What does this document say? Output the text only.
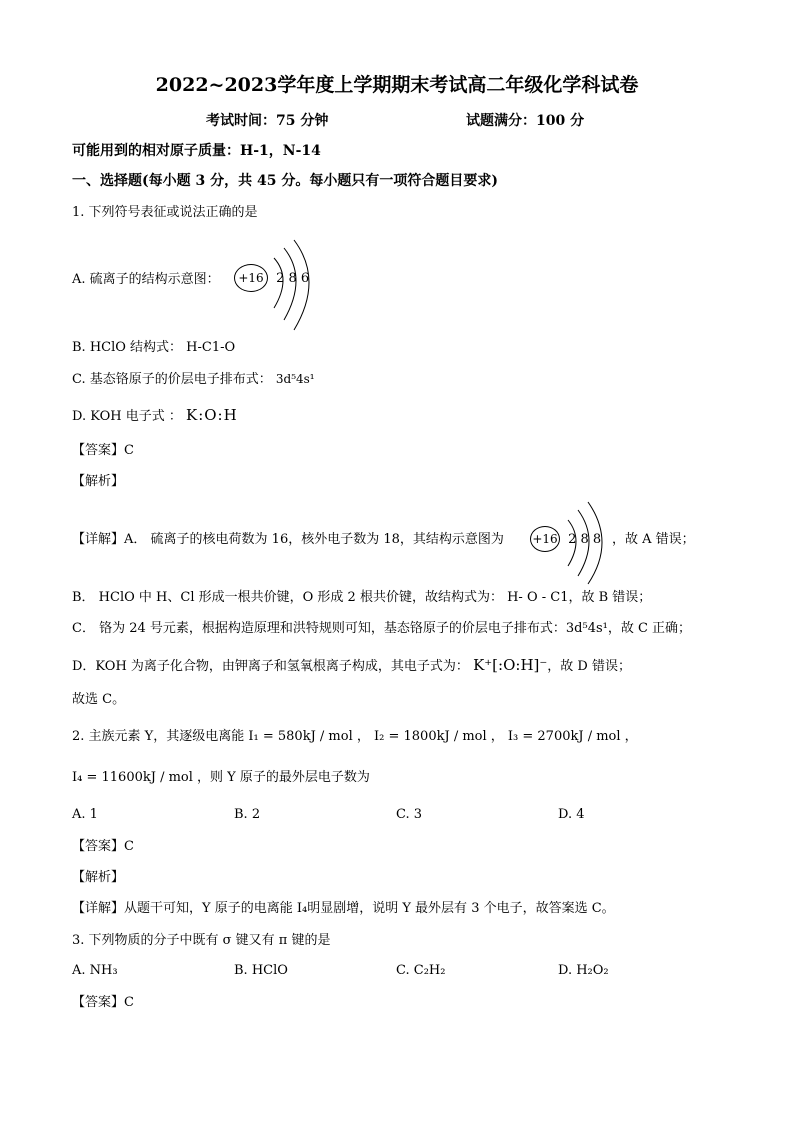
2022~2023学年度上学期期末考试高二年级化学科试卷
考试时间：75 分钟	试题满分：100 分
可能用到的相对原子质量：H-1，N-14
一、选择题(每小题 3 分，共 45 分。每小题只有一项符合题目要求)
1. 下列符号表征或说法正确的是
A. 硫离子的结构示意图：	+16 2 8 6
B. HClO 结构式： H-C1-O
C. 基态铬原子的价层电子排布式： 3d⁵4s¹
D. KOH 电子式 ： K:O:H
【答案】C
【解析】
【详解】A． 硫离子的核电荷数为 16，核外电子数为 18，其结构示意图为 +16 2 8 8 ，故 A 错误；
B． HClO 中 H、Cl 形成一根共价键，O 形成 2 根共价键，故结构式为： H- O - C1，故 B 错误；
C． 铬为 24 号元素，根据构造原理和洪特规则可知，基态铬原子的价层电子排布式：3d⁵4s¹，故 C 正确；
D．KOH 为离子化合物，由钾离子和氢氧根离子构成，其电子式为： K⁺[:O:H]⁻，故 D 错误；
故选 C。
2. 主族元素 Y，其逐级电离能 I₁ = 580kJ / mol ， I₂ = 1800kJ / mol ， I₃ = 2700kJ / mol ，
I₄ = 11600kJ / mol ，则 Y 原子的最外层电子数为
A. 1	B. 2	C. 3	D. 4
【答案】C
【解析】
【详解】从题干可知，Y 原子的电离能 I₄明显剧增，说明 Y 最外层有 3 个电子，故答案选 C。
3. 下列物质的分子中既有 σ 键又有 π 键的是
A. NH₃	B. HClO	C. C₂H₂	D. H₂O₂
【答案】C
